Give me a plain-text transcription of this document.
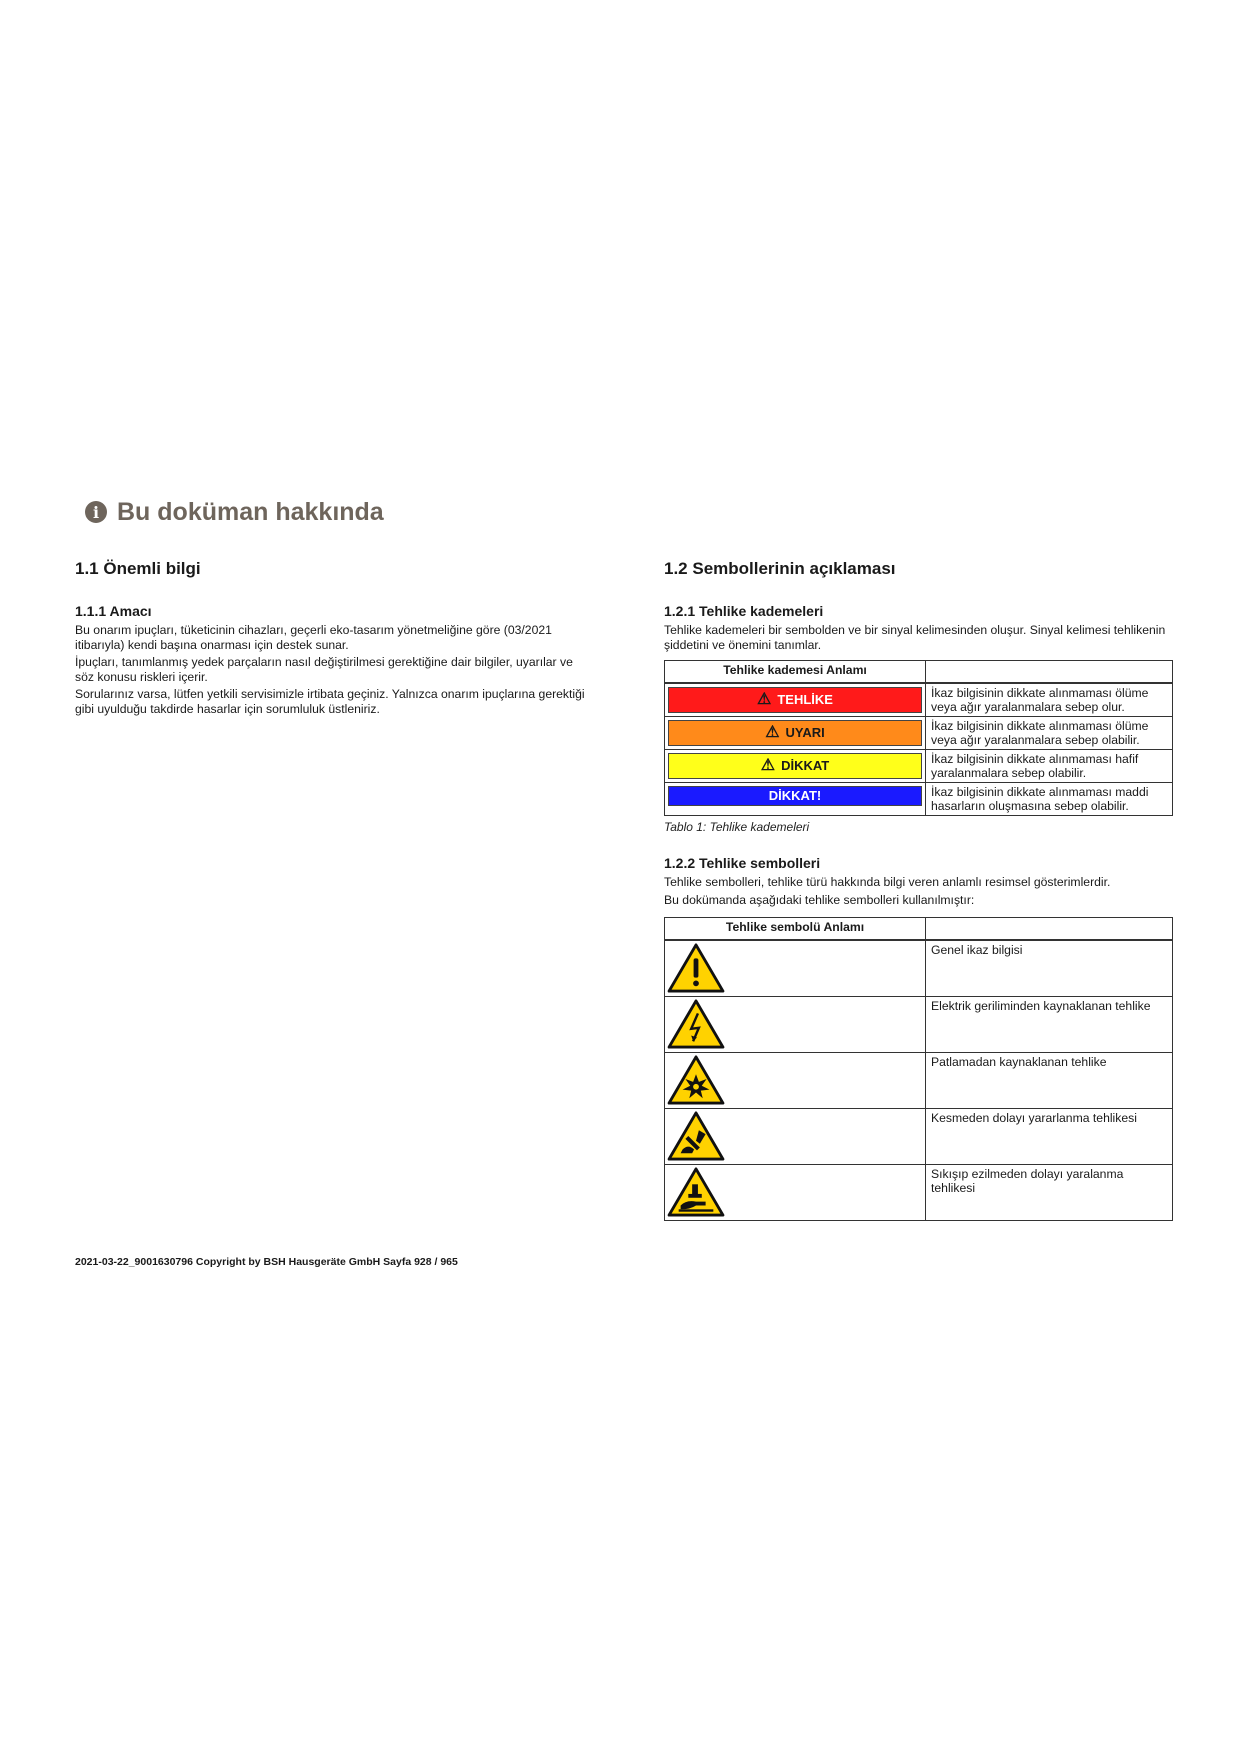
i Bu doküman hakkında
1.1 Önemli bilgi
1.1.1 Amacı

Bu onarım ipuçları, tüketicinin cihazları, geçerli eko-tasarım yönetmeliğine göre (03/2021 itibarıyla) kendi başına onarması için destek sunar.

İpuçları, tanımlanmış yedek parçaların nasıl değiştirilmesi gerektiğine dair bilgiler, uyarılar ve söz konusu riskleri içerir.

Sorularınız varsa, lütfen yetkili servisimizle irtibata geçiniz. Yalnızca onarım ipuçlarına gerektiği gibi uyulduğu takdirde hasarlar için sorumluluk üstleniriz.

1.2 Sembollerinin açıklaması
1.2.1 Tehlike kademeleri

Tehlike kademeleri bir sembolden ve bir sinyal kelimesinden oluşur. Sinyal kelimesi tehlikenin şiddetini ve önemini tanımlar.

Tehlike kademesi Anlamı	

⚠ TEHLİKE	İkaz bilgisinin dikkate alınmaması ölüme veya ağır yaralanmalara sebep olur.

⚠ UYARI	İkaz bilgisinin dikkate alınmaması ölüme veya ağır yaralanmalara sebep olabilir.

⚠ DİKKAT	İkaz bilgisinin dikkate alınmaması hafif yaralanmalara sebep olabilir.

DİKKAT!	İkaz bilgisinin dikkate alınmaması maddi hasarların oluşmasına sebep olabilir.
Tablo 1: Tehlike kademeleri
1.2.2 Tehlike sembolleri

Tehlike sembolleri, tehlike türü hakkında bilgi veren anlamlı resimsel gösterimlerdir.

Bu dokümanda aşağıdaki tehlike sembolleri kullanılmıştır:

Tehlike sembolü Anlamı	

	Genel ikaz bilgisi

	Elektrik geriliminden kaynaklanan tehlike

	Patlamadan kaynaklanan tehlike

	Kesmeden dolayı yararlanma tehlikesi

	Sıkışıp ezilmeden dolayı yaralanma tehlikesi
2021-03-22_9001630796 Copyright by BSH Hausgeräte GmbH Sayfa 928 / 965
